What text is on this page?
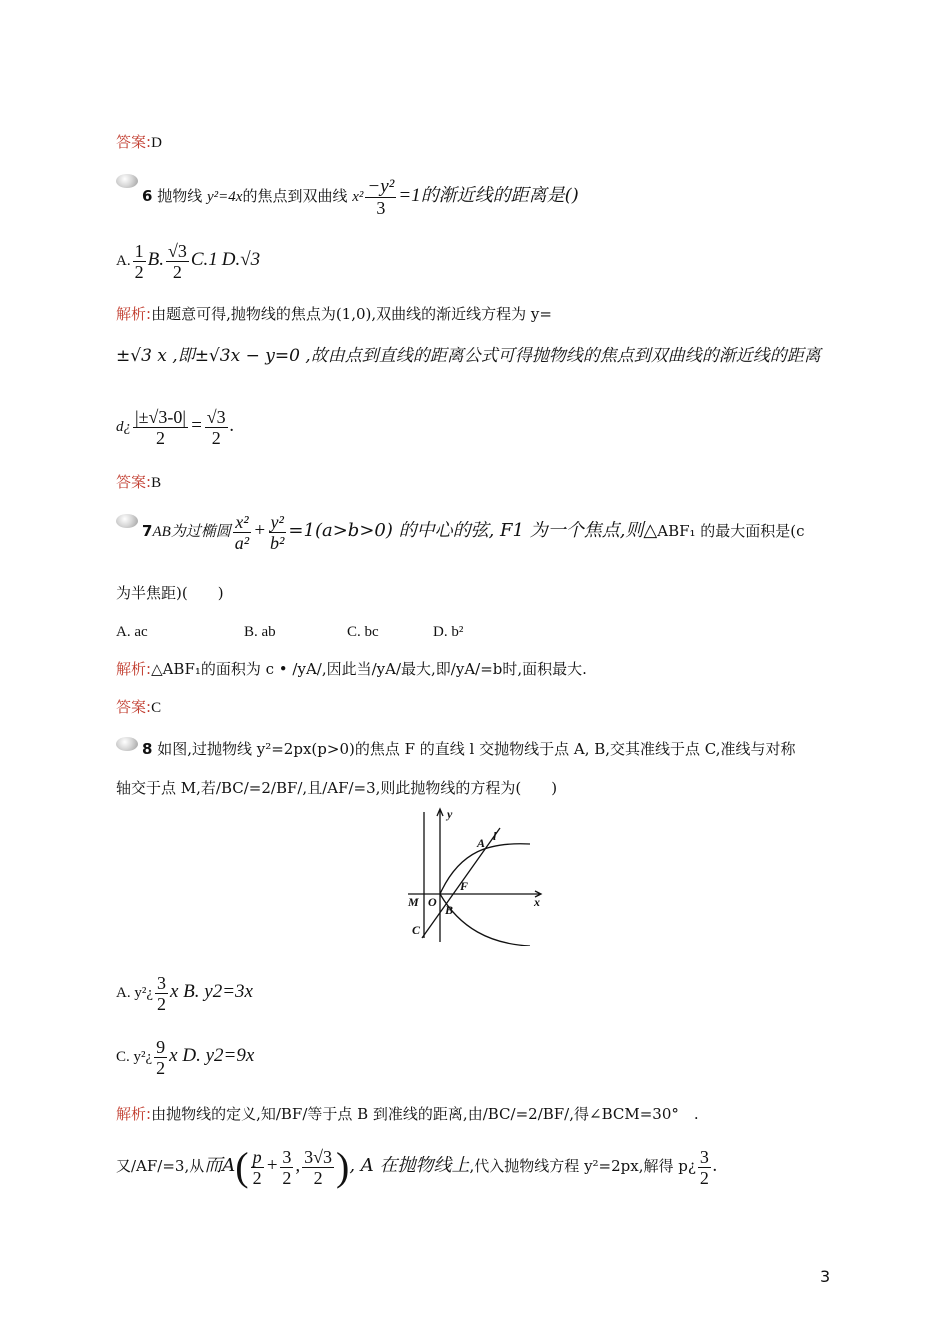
答案:D
6 抛物线 y²=4x的焦点到双曲线 $x^2 \frac{\text{−y²}}{3} =1$的渐近线的距离是()
A. $\frac{1}{2} B$. $\frac{√3}{2} C.1$ D.√3
解析:由题意可得,抛物线的焦点为(1,0),双曲线的渐近线方程为 y=
±√3 x ,即±√3x − y=0 ,故由点到直线的距离公式可得抛物线的焦点到双曲线的渐近线的距离
d¿ $\frac{|\pm√3-0|}{2} = \frac{√3}{2}$ .
答案:B
7AB为过椭圆 $\frac{\text{x²}}{\text{a²}} + \frac{\text{y²}}{\text{b²}} =1(a>b>0)$ 的中心的弦, F1 为一个焦点,则△ABF₁ 的最大面积是(c
为半焦距)(　　)
A. ac	B. ab	C. bc	D. b²
解析:△ABF₁的面积为 c • /yA/,因此当/yA/最大,即/yA/=b时,面积最大.
答案:C
8 如图,过抛物线 y²=2px(p>0)的焦点 F 的直线 l 交抛物线于点 A, B,交其准线于点 C,准线与对称
轴交于点 M,若/BC/=2/BF/,且/AF/=3,则此抛物线的方程为(　　)
y
x
A l
F
M O
B
C
A. y²¿ $\frac{3}{2}$ x B. y2=3x
C. y²¿ $\frac{9}{2}$ x D. y2=9x
解析:由抛物线的定义,知/BF/等于点 B 到准线的距离,由/BC/=2/BF/,得∠BCM=30°　.
又/AF/=3,从而$A( \frac{p}{2} + \frac{3}{2}$ , $\frac{3√3}{2}$ ), A 在抛物线上,代入抛物线方程 y²=2px,解得 p¿ $\frac{3}{2}$ .
3
